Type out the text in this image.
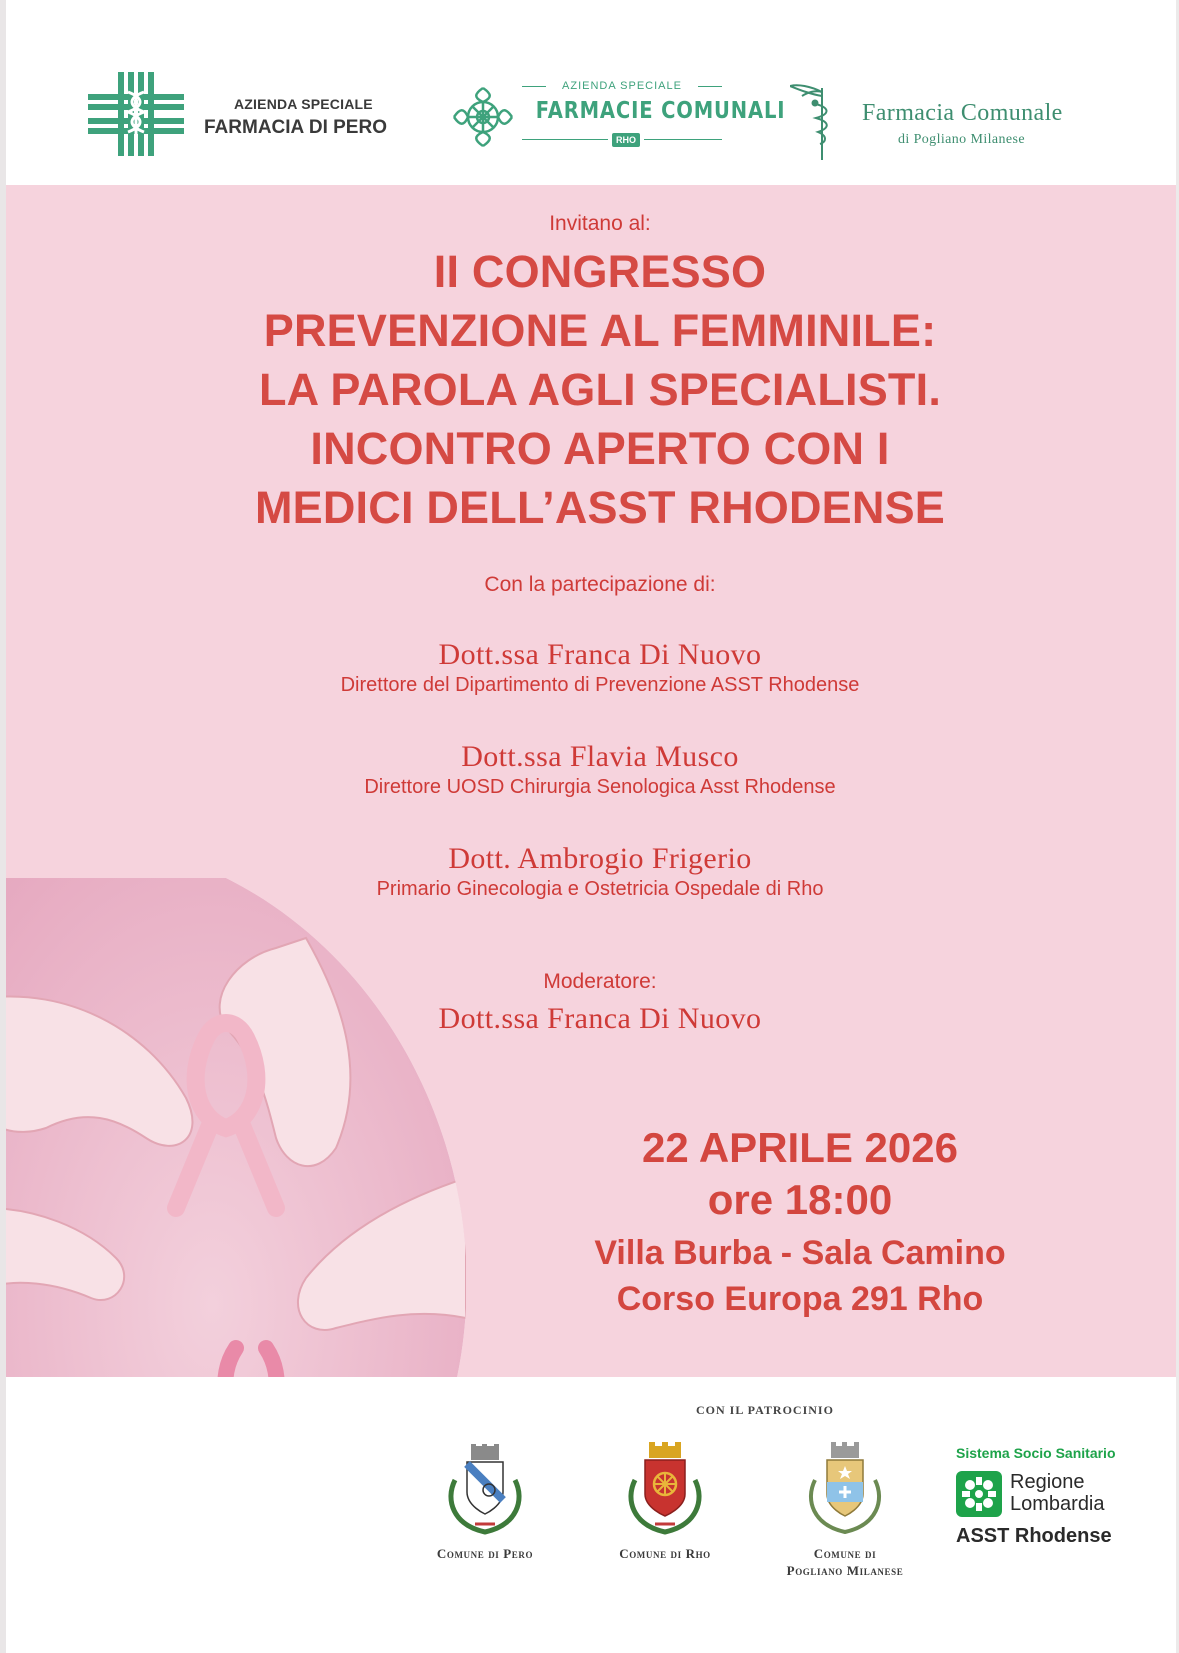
AZIENDA SPECIALE
FARMACIA DI PERO
AZIENDA SPECIALE
FARMACIE COMUNALI
RHO
Farmacia Comunale
di Pogliano Milanese
Invitano al:
II CONGRESSO
PREVENZIONE AL FEMMINILE:
LA PAROLA AGLI SPECIALISTI.
INCONTRO APERTO CON I
MEDICI DELL’ASST RHODENSE
Con la partecipazione di:
Dott.ssa Franca Di Nuovo
Direttore del Dipartimento di Prevenzione ASST Rhodense
Dott.ssa Flavia Musco
Direttore UOSD Chirurgia Senologica Asst Rhodense
Dott. Ambrogio Frigerio
Primario Ginecologia e Ostetricia Ospedale di Rho
Moderatore:
Dott.ssa Franca Di Nuovo
22 APRILE 2026
ore 18:00
Villa Burba - Sala Camino
Corso Europa 291 Rho
CON IL PATROCINIO
Comune di Pero	Comune di Rho	Comune di
Pogliano Milanese
Sistema Socio Sanitario
Regione
Lombardia
ASST Rhodense
